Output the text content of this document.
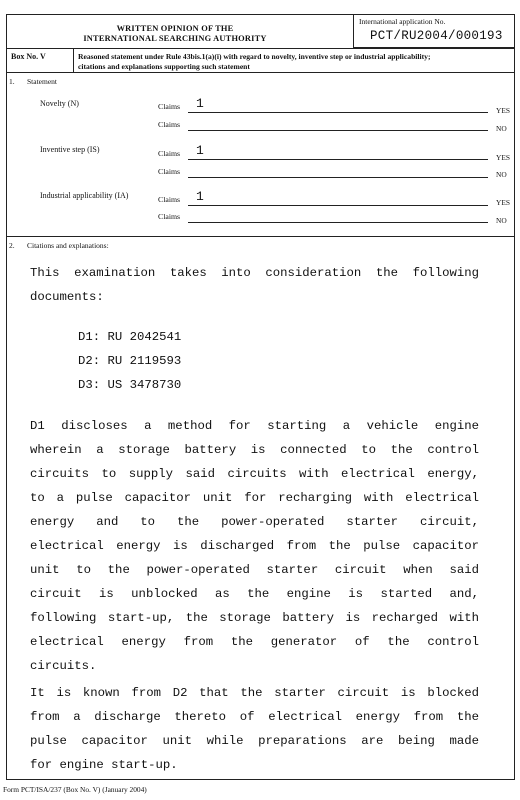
WRITTEN OPINION OF THE
INTERNATIONAL SEARCHING AUTHORITY
International application No.
PCT/RU2004/000193
Box No. V	Reasoned statement under Rule 43bis.1(a)(i) with regard to novelty, inventive step or industrial applicability;
citations and explanations supporting such statement
1. Statement
Novelty (N)	Claims 1	YES
Claims	NO
Inventive step (IS)	Claims 1	YES
Claims	NO
Industrial applicability (IA)	Claims 1	YES
Claims	NO
2. Citations and explanations:
This examination takes into consideration the following
documents:
D1: RU 2042541
D2: RU 2119593
D3: US 3478730
D1 discloses a method for starting a vehicle engine
wherein a storage battery is connected to the control
circuits to supply said circuits with electrical energy,
to a pulse capacitor unit for recharging with electrical
energy and to the power-operated starter circuit,
electrical energy is discharged from the pulse capacitor
unit to the power-operated starter circuit when said
circuit is unblocked as the engine is started and,
following start-up, the storage battery is recharged with
electrical energy from the generator of the control
circuits.
It is known from D2 that the starter circuit is blocked
from a discharge thereto of electrical energy from the
pulse capacitor unit while preparations are being made
for engine start-up.
Form PCT/ISA/237 (Box No. V) (January 2004)
